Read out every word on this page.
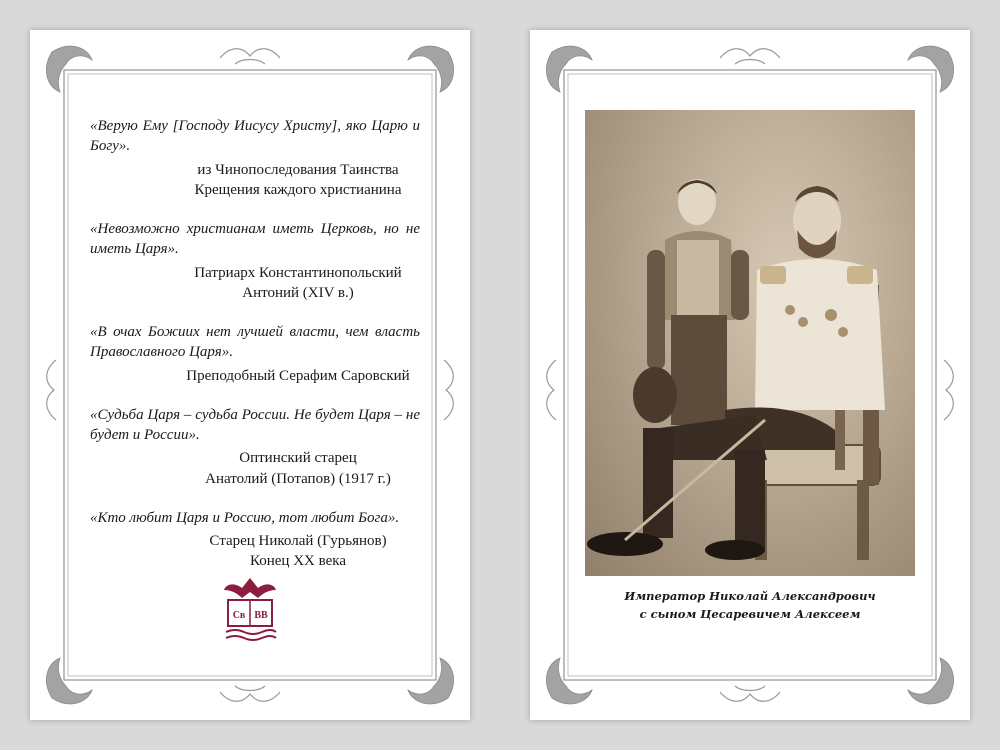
«Верую Ему [Господу Иисусу Христу], яко Царю и Богу».
из Чинопоследования Таинства
Крещения каждого христианина
«Невозможно христианам иметь Церковь, но не иметь Царя».
Патриарх Константинопольский
Антоний (XIV в.)
«В очах Божиих нет лучшей власти, чем власть Православного Царя».
Преподобный Серафим Саровский
«Судьба Царя – судьба России. Не будет Царя – не будет и России».
Оптинский старец
Анатолий (Потапов) (1917 г.)
«Кто любит Царя и Россию, тот любит Бога».
Старец Николай (Гурьянов)
Конец XX века
Св ВВ
Император Николай Александрович
с сыном Цесаревичем Алексеем
